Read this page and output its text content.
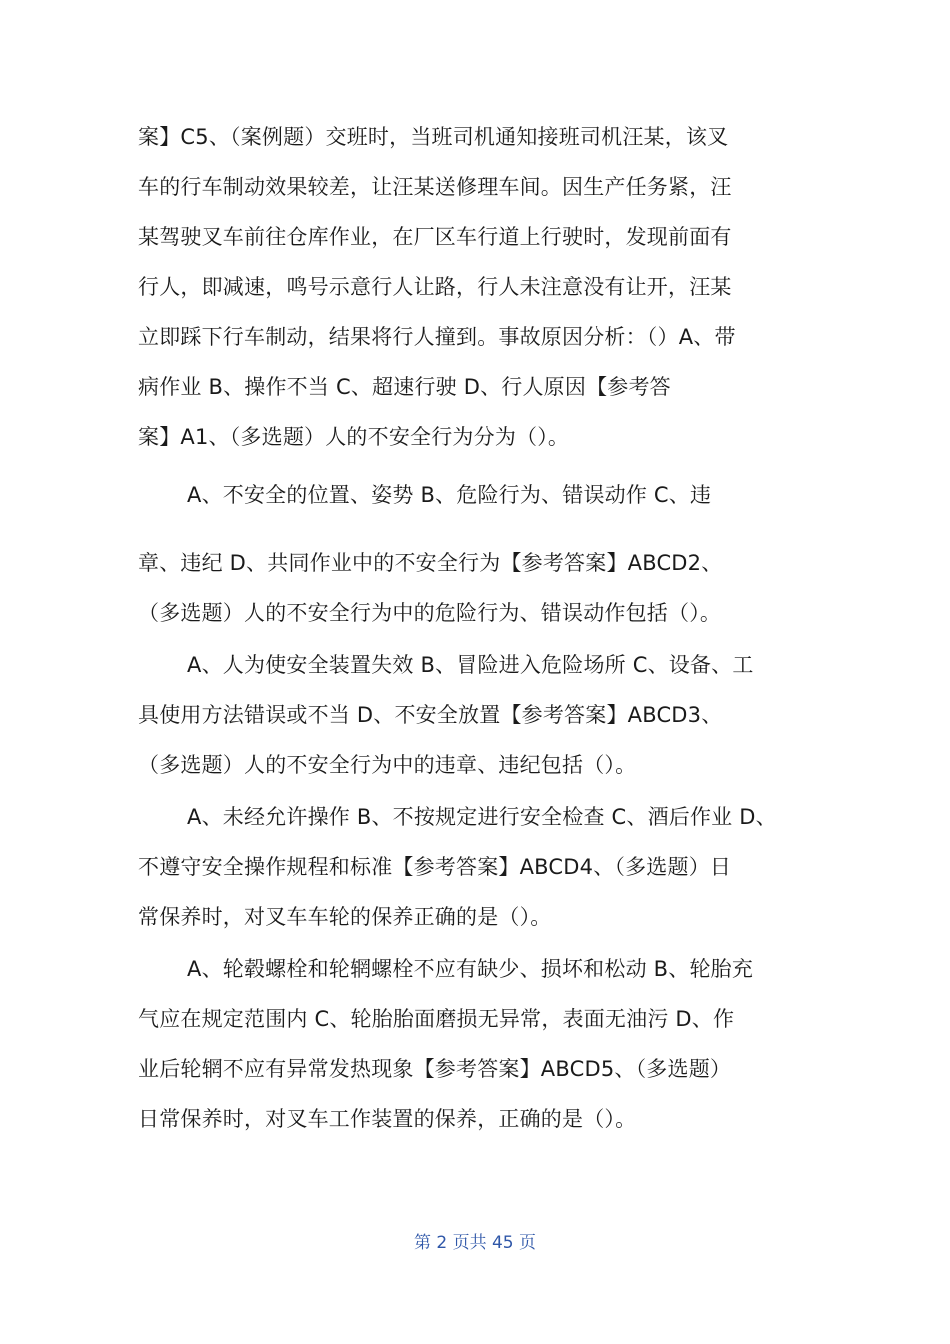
案】C5、（案例题）交班时，当班司机通知接班司机汪某，该叉
车的行车制动效果较差，让汪某送修理车间。因生产任务紧，汪
某驾驶叉车前往仓库作业，在厂区车行道上行驶时，发现前面有
行人，即减速，鸣号示意行人让路，行人未注意没有让开，汪某
立即踩下行车制动，结果将行人撞到。事故原因分析：（）A、带
病作业 B、操作不当 C、超速行驶 D、行人原因【参考答
案】A1、（多选题）人的不安全行为分为（）。
A、不安全的位置、姿势 B、危险行为、错误动作 C、违
章、违纪 D、共同作业中的不安全行为【参考答案】ABCD2、
（多选题）人的不安全行为中的危险行为、错误动作包括（）。
A、人为使安全装置失效 B、冒险进入危险场所 C、设备、工
具使用方法错误或不当 D、不安全放置【参考答案】ABCD3、
（多选题）人的不安全行为中的违章、违纪包括（）。
A、未经允许操作 B、不按规定进行安全检查 C、酒后作业 D、
不遵守安全操作规程和标准【参考答案】ABCD4、（多选题）日
常保养时，对叉车车轮的保养正确的是（）。
A、轮毂螺栓和轮辋螺栓不应有缺少、损坏和松动 B、轮胎充
气应在规定范围内 C、轮胎胎面磨损无异常，表面无油污 D、作
业后轮辋不应有异常发热现象【参考答案】ABCD5、（多选题）
日常保养时，对叉车工作装置的保养，正确的是（）。
第 2 页共 45 页
